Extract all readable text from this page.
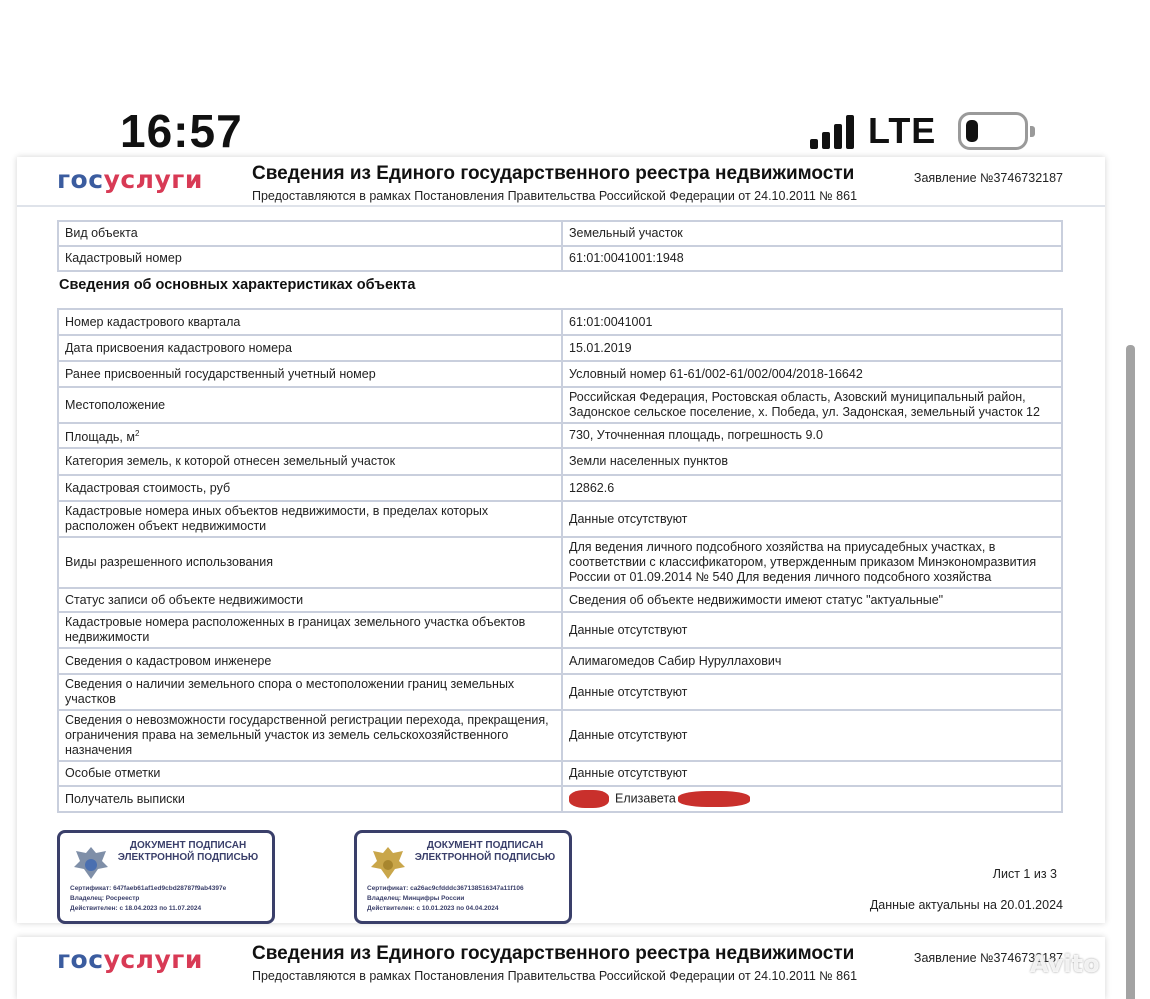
16:57	LTE
госуслуги	Сведения из Единого государственного реестра недвижимости
Предоставляются в рамках Постановления Правительства Российской Федерации от 24.10.2011 № 861
Заявление №3746732187
Вид объекта	Земельный участок
Кадастровый номер	61:01:0041001:1948
Сведения об основных характеристиках объекта
Номер кадастрового квартала	61:01:0041001
Дата присвоения кадастрового номера	15.01.2019
Ранее присвоенный государственный учетный номер	Условный номер 61-61/002-61/002/004/2018-16642
Местоположение	Российская Федерация, Ростовская область, Азовский муниципальный район, Задонское сельское поселение, х. Победа, ул. Задонская, земельный участок 12
Площадь, $м^2$	730, Уточненная площадь, погрешность 9.0
Категория земель, к которой отнесен земельный участок	Земли населенных пунктов
Кадастровая стоимость, руб	12862.6
Кадастровые номера иных объектов недвижимости, в пределах которых расположен объект недвижимости	Данные отсутствуют
Виды разрешенного использования	Для ведения личного подсобного хозяйства на приусадебных участках, в соответствии с классификатором, утвержденным приказом Минэкономразвития России от 01.09.2014 № 540 Для ведения личного подсобного хозяйства
Статус записи об объекте недвижимости	Сведения об объекте недвижимости имеют статус "актуальные"
Кадастровые номера расположенных в границах земельного участка объектов недвижимости	Данные отсутствуют
Сведения о кадастровом инженере	Алимагомедов Сабир Нуруллахович
Сведения о наличии земельного спора о местоположении границ земельных участков	Данные отсутствуют
Сведения о невозможности государственной регистрации перехода, прекращения, ограничения права на земельный участок из земель сельскохозяйственного назначения	Данные отсутствуют
Особые отметки	Данные отсутствуют
Получатель выписки	Елизавета
ДОКУМЕНТ ПОДПИСАН ЭЛЕКТРОННОЙ ПОДПИСЬЮ
Сертификат: 647faeb61af1ed9cbd28787f9ab4397e
Владелец: Росреестр
Действителен: с 18.04.2023 по 11.07.2024
ДОКУМЕНТ ПОДПИСАН ЭЛЕКТРОННОЙ ПОДПИСЬЮ
Сертификат: ca26ac9cfdddc367138516347a11f106
Владелец: Минцифры России
Действителен: с 10.01.2023 по 04.04.2024
Лист 1 из 3
Данные актуальны на 20.01.2024
госуслуги	Сведения из Единого государственного реестра недвижимости
Предоставляются в рамках Постановления Правительства Российской Федерации от 24.10.2011 № 861
Заявление №3746732187
Avito
